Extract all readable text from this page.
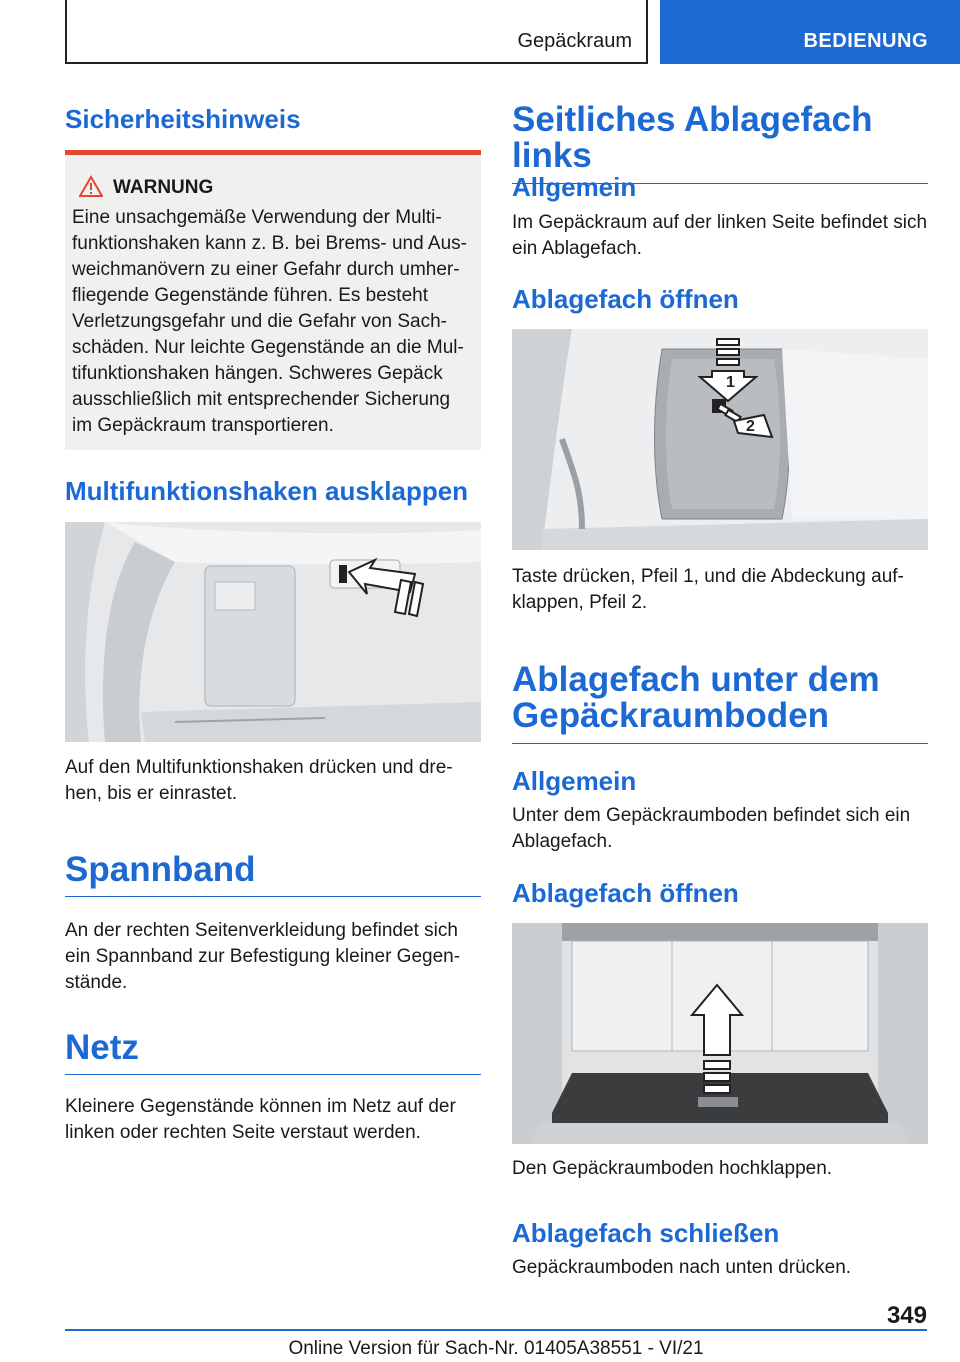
Gepäckraum	BEDIENUNG
Sicherheitshinweis
WARNUNG
Eine unsachgemäße Verwendung der Multi-
funktionshaken kann z. B. bei Brems- und Aus-
weichmanövern zu einer Gefahr durch umher-
fliegende Gegenstände führen. Es besteht
Verletzungsgefahr und die Gefahr von Sach-
schäden. Nur leichte Gegenstände an die Mul-
tifunktionshaken hängen. Schweres Gepäck
ausschließlich mit entsprechender Sicherung
im Gepäckraum transportieren.
Multifunktionshaken ausklappen

Auf den Multifunktionshaken drücken und dre-
hen, bis er einrastet.

Spannband

An der rechten Seitenverkleidung befindet sich
ein Spannband zur Befestigung kleiner Gegen-
stände.

Netz

Kleinere Gegenstände können im Netz auf der
linken oder rechten Seite verstaut werden.

Seitliches Ablagefach links
Allgemein

Im Gepäckraum auf der linken Seite befindet sich
ein Ablagefach.

Ablagefach öffnen
1
2

Taste drücken, Pfeil 1, und die Abdeckung auf-
klappen, Pfeil 2.

Ablagefach unter dem
Gepäckraumboden
Allgemein

Unter dem Gepäckraumboden befindet sich ein
Ablagefach.

Ablagefach öffnen

Den Gepäckraumboden hochklappen.

Ablagefach schließen

Gepäckraumboden nach unten drücken.

349
Online Version für Sach-Nr. 01405A38551 - VI/21
